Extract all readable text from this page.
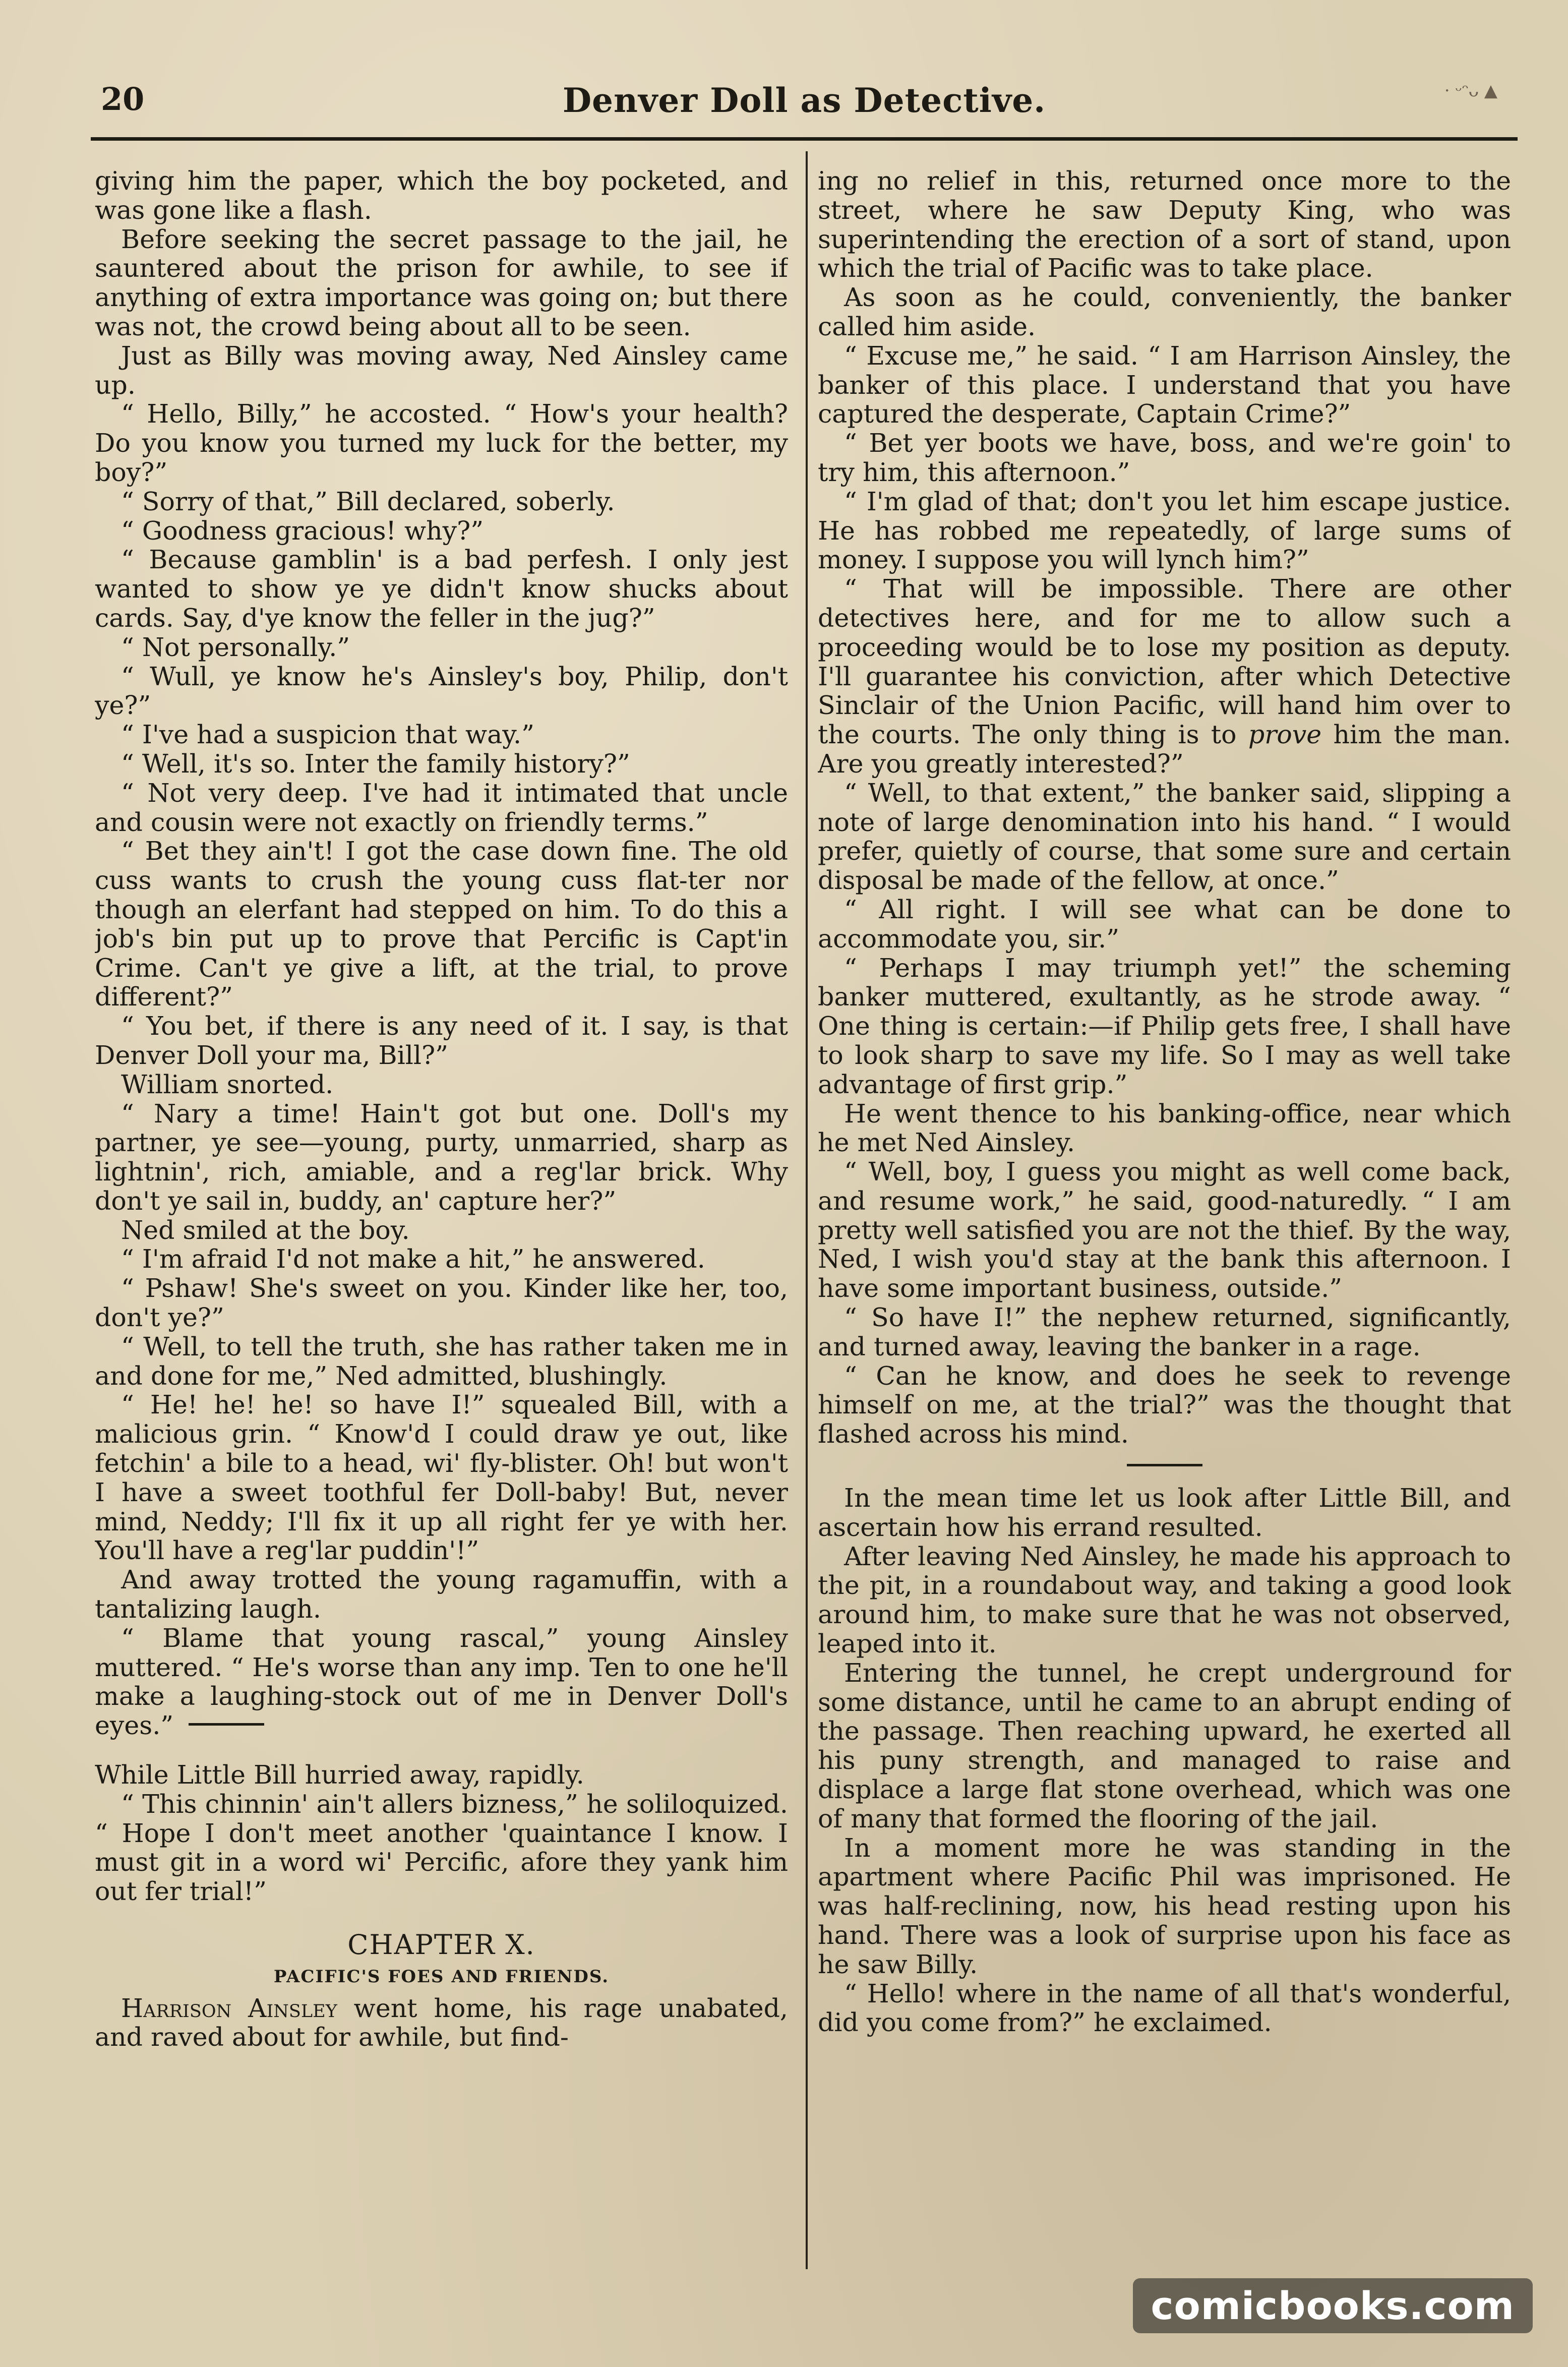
20	Denver Doll as Detective.	· ᵕᵔᴗ ▲

giving him the paper, which the boy pocketed, and was gone like a flash.

Before seeking the secret passage to the jail, he sauntered about the prison for awhile, to see if anything of extra importance was going on; but there was not, the crowd being about all to be seen.

Just as Billy was moving away, Ned Ainsley came up.

“ Hello, Billy,” he accosted. “ How's your health? Do you know you turned my luck for the better, my boy?”

“ Sorry of that,” Bill declared, soberly.

“ Goodness gracious! why?”

“ Because gamblin' is a bad perfesh. I only jest wanted to show ye ye didn't know shucks about cards. Say, d'ye know the feller in the jug?”

“ Not personally.”

“ Wull, ye know he's Ainsley's boy, Philip, don't ye?”

“ I've had a suspicion that way.”

“ Well, it's so. Inter the family history?”

“ Not very deep. I've had it intimated that uncle and cousin were not exactly on friendly terms.”

“ Bet they ain't! I got the case down fine. The old cuss wants to crush the young cuss flat-ter nor though an elerfant had stepped on him. To do this a job's bin put up to prove that Percific is Capt'in Crime. Can't ye give a lift, at the trial, to prove different?”

“ You bet, if there is any need of it. I say, is that Denver Doll your ma, Bill?”

William snorted.

“ Nary a time! Hain't got but one. Doll's my partner, ye see—young, purty, unmarried, sharp as lightnin', rich, amiable, and a reg'lar brick. Why don't ye sail in, buddy, an' capture her?”

Ned smiled at the boy.

“ I'm afraid I'd not make a hit,” he answered.

“ Pshaw! She's sweet on you. Kinder like her, too, don't ye?”

“ Well, to tell the truth, she has rather taken me in and done for me,” Ned admitted, blushingly.

“ He! he! he! so have I!” squealed Bill, with a malicious grin. “ Know'd I could draw ye out, like fetchin' a bile to a head, wi' fly-blister. Oh! but won't I have a sweet toothful fer Doll-baby! But, never mind, Neddy; I'll fix it up all right fer ye with her. You'll have a reg'lar puddin'!”

And away trotted the young ragamuffin, with a tantalizing laugh.

“ Blame that young rascal,” young Ainsley muttered. “ He's worse than any imp. Ten to one he'll make a laughing-stock out of me in Denver Doll's eyes.”

While Little Bill hurried away, rapidly.

“ This chinnin' ain't allers bizness,” he soliloquized. “ Hope I don't meet another 'quaintance I know. I must git in a word wi' Percific, afore they yank him out fer trial!”

CHAPTER X.
PACIFIC'S FOES AND FRIENDS.

Harrison Ainsley went home, his rage unabated, and raved about for awhile, but find-

ing no relief in this, returned once more to the street, where he saw Deputy King, who was superintending the erection of a sort of stand, upon which the trial of Pacific was to take place.

As soon as he could, conveniently, the banker called him aside.

“ Excuse me,” he said. “ I am Harrison Ainsley, the banker of this place. I understand that you have captured the desperate, Captain Crime?”

“ Bet yer boots we have, boss, and we're goin' to try him, this afternoon.”

“ I'm glad of that; don't you let him escape justice. He has robbed me repeatedly, of large sums of money. I suppose you will lynch him?”

“ That will be impossible. There are other detectives here, and for me to allow such a proceeding would be to lose my position as deputy. I'll guarantee his conviction, after which Detective Sinclair of the Union Pacific, will hand him over to the courts. The only thing is to prove him the man. Are you greatly interested?”

“ Well, to that extent,” the banker said, slipping a note of large denomination into his hand. “ I would prefer, quietly of course, that some sure and certain disposal be made of the fellow, at once.”

“ All right. I will see what can be done to accommodate you, sir.”

“ Perhaps I may triumph yet!” the scheming banker muttered, exultantly, as he strode away. “ One thing is certain:—if Philip gets free, I shall have to look sharp to save my life. So I may as well take advantage of first grip.”

He went thence to his banking-office, near which he met Ned Ainsley.

“ Well, boy, I guess you might as well come back, and resume work,” he said, good-naturedly. “ I am pretty well satisfied you are not the thief. By the way, Ned, I wish you'd stay at the bank this afternoon. I have some important business, outside.”

“ So have I!” the nephew returned, significantly, and turned away, leaving the banker in a rage.

“ Can he know, and does he seek to revenge himself on me, at the trial?” was the thought that flashed across his mind.

In the mean time let us look after Little Bill, and ascertain how his errand resulted.

After leaving Ned Ainsley, he made his approach to the pit, in a roundabout way, and taking a good look around him, to make sure that he was not observed, leaped into it.

Entering the tunnel, he crept underground for some distance, until he came to an abrupt ending of the passage. Then reaching upward, he exerted all his puny strength, and managed to raise and displace a large flat stone overhead, which was one of many that formed the flooring of the jail.

In a moment more he was standing in the apartment where Pacific Phil was imprisoned. He was half-reclining, now, his head resting upon his hand. There was a look of surprise upon his face as he saw Billy.

“ Hello! where in the name of all that's wonderful, did you come from?” he exclaimed.

comicbooks.com
